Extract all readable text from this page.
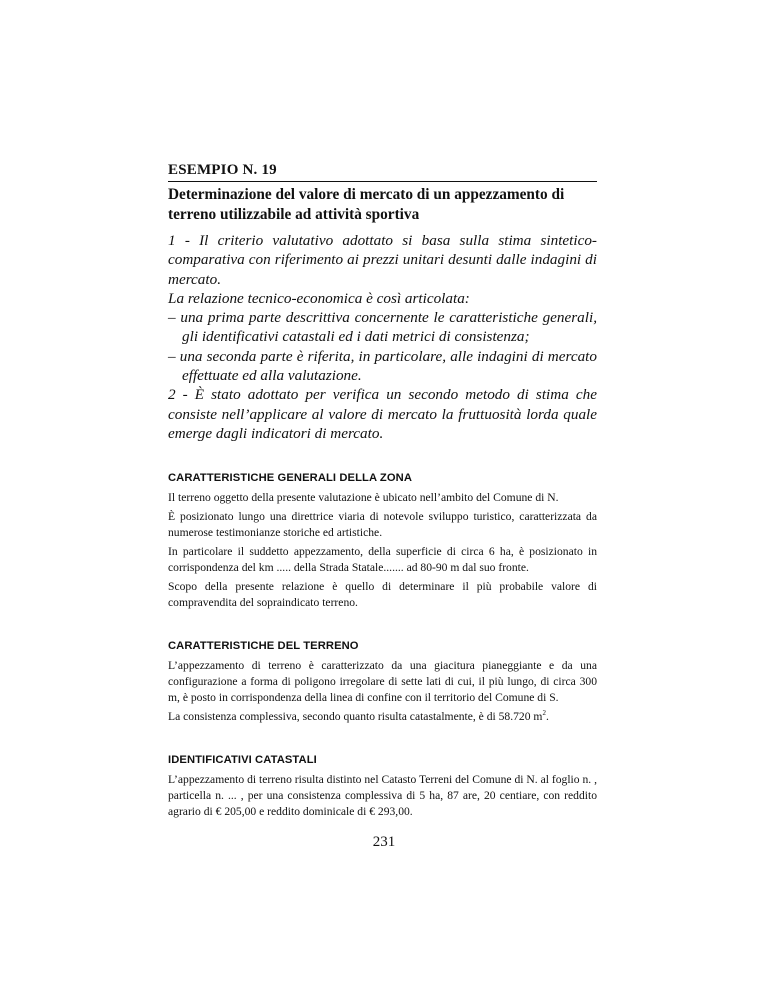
ESEMPIO N. 19
Determinazione del valore di mercato di un appezzamento di terreno utilizzabile ad attività sportiva

1 - Il criterio valutativo adottato si basa sulla stima sintetico-comparativa con riferimento ai prezzi unitari desunti dalle indagini di mercato.

La relazione tecnico-economica è così articolata:

– una prima parte descrittiva concernente le caratteristiche generali, gli identificativi catastali ed i dati metrici di consistenza;
– una seconda parte è riferita, in particolare, alle indagini di mercato effettuate ed alla valutazione.

2 - È stato adottato per verifica un secondo metodo di stima che consiste nell’applicare al valore di mercato la fruttuosità lorda quale emerge dagli indicatori di mercato.

CARATTERISTICHE GENERALI DELLA ZONA

Il terreno oggetto della presente valutazione è ubicato nell’ambito del Comune di N.

È posizionato lungo una direttrice viaria di notevole sviluppo turistico, caratterizzata da numerose testimonianze storiche ed artistiche.

In particolare il suddetto appezzamento, della superficie di circa 6 ha, è posizionato in corrispondenza del km ..... della Strada Statale....... ad 80-90 m dal suo fronte.

Scopo della presente relazione è quello di determinare il più probabile valore di compravendita del sopraindicato terreno.

CARATTERISTICHE DEL TERRENO

L’appezzamento di terreno è caratterizzato da una giacitura pianeggiante e da una configurazione a forma di poligono irregolare di sette lati di cui, il più lungo, di circa 300 m, è posto in corrispondenza della linea di confine con il territorio del Comune di S.

La consistenza complessiva, secondo quanto risulta catastalmente, è di 58.720 $m^2$.

IDENTIFICATIVI CATASTALI

L’appezzamento di terreno risulta distinto nel Catasto Terreni del Comune di N. al foglio n. , particella n. ... , per una consistenza complessiva di 5 ha, 87 are, 20 centiare, con reddito agrario di € 205,00 e reddito dominicale di € 293,00.

231
